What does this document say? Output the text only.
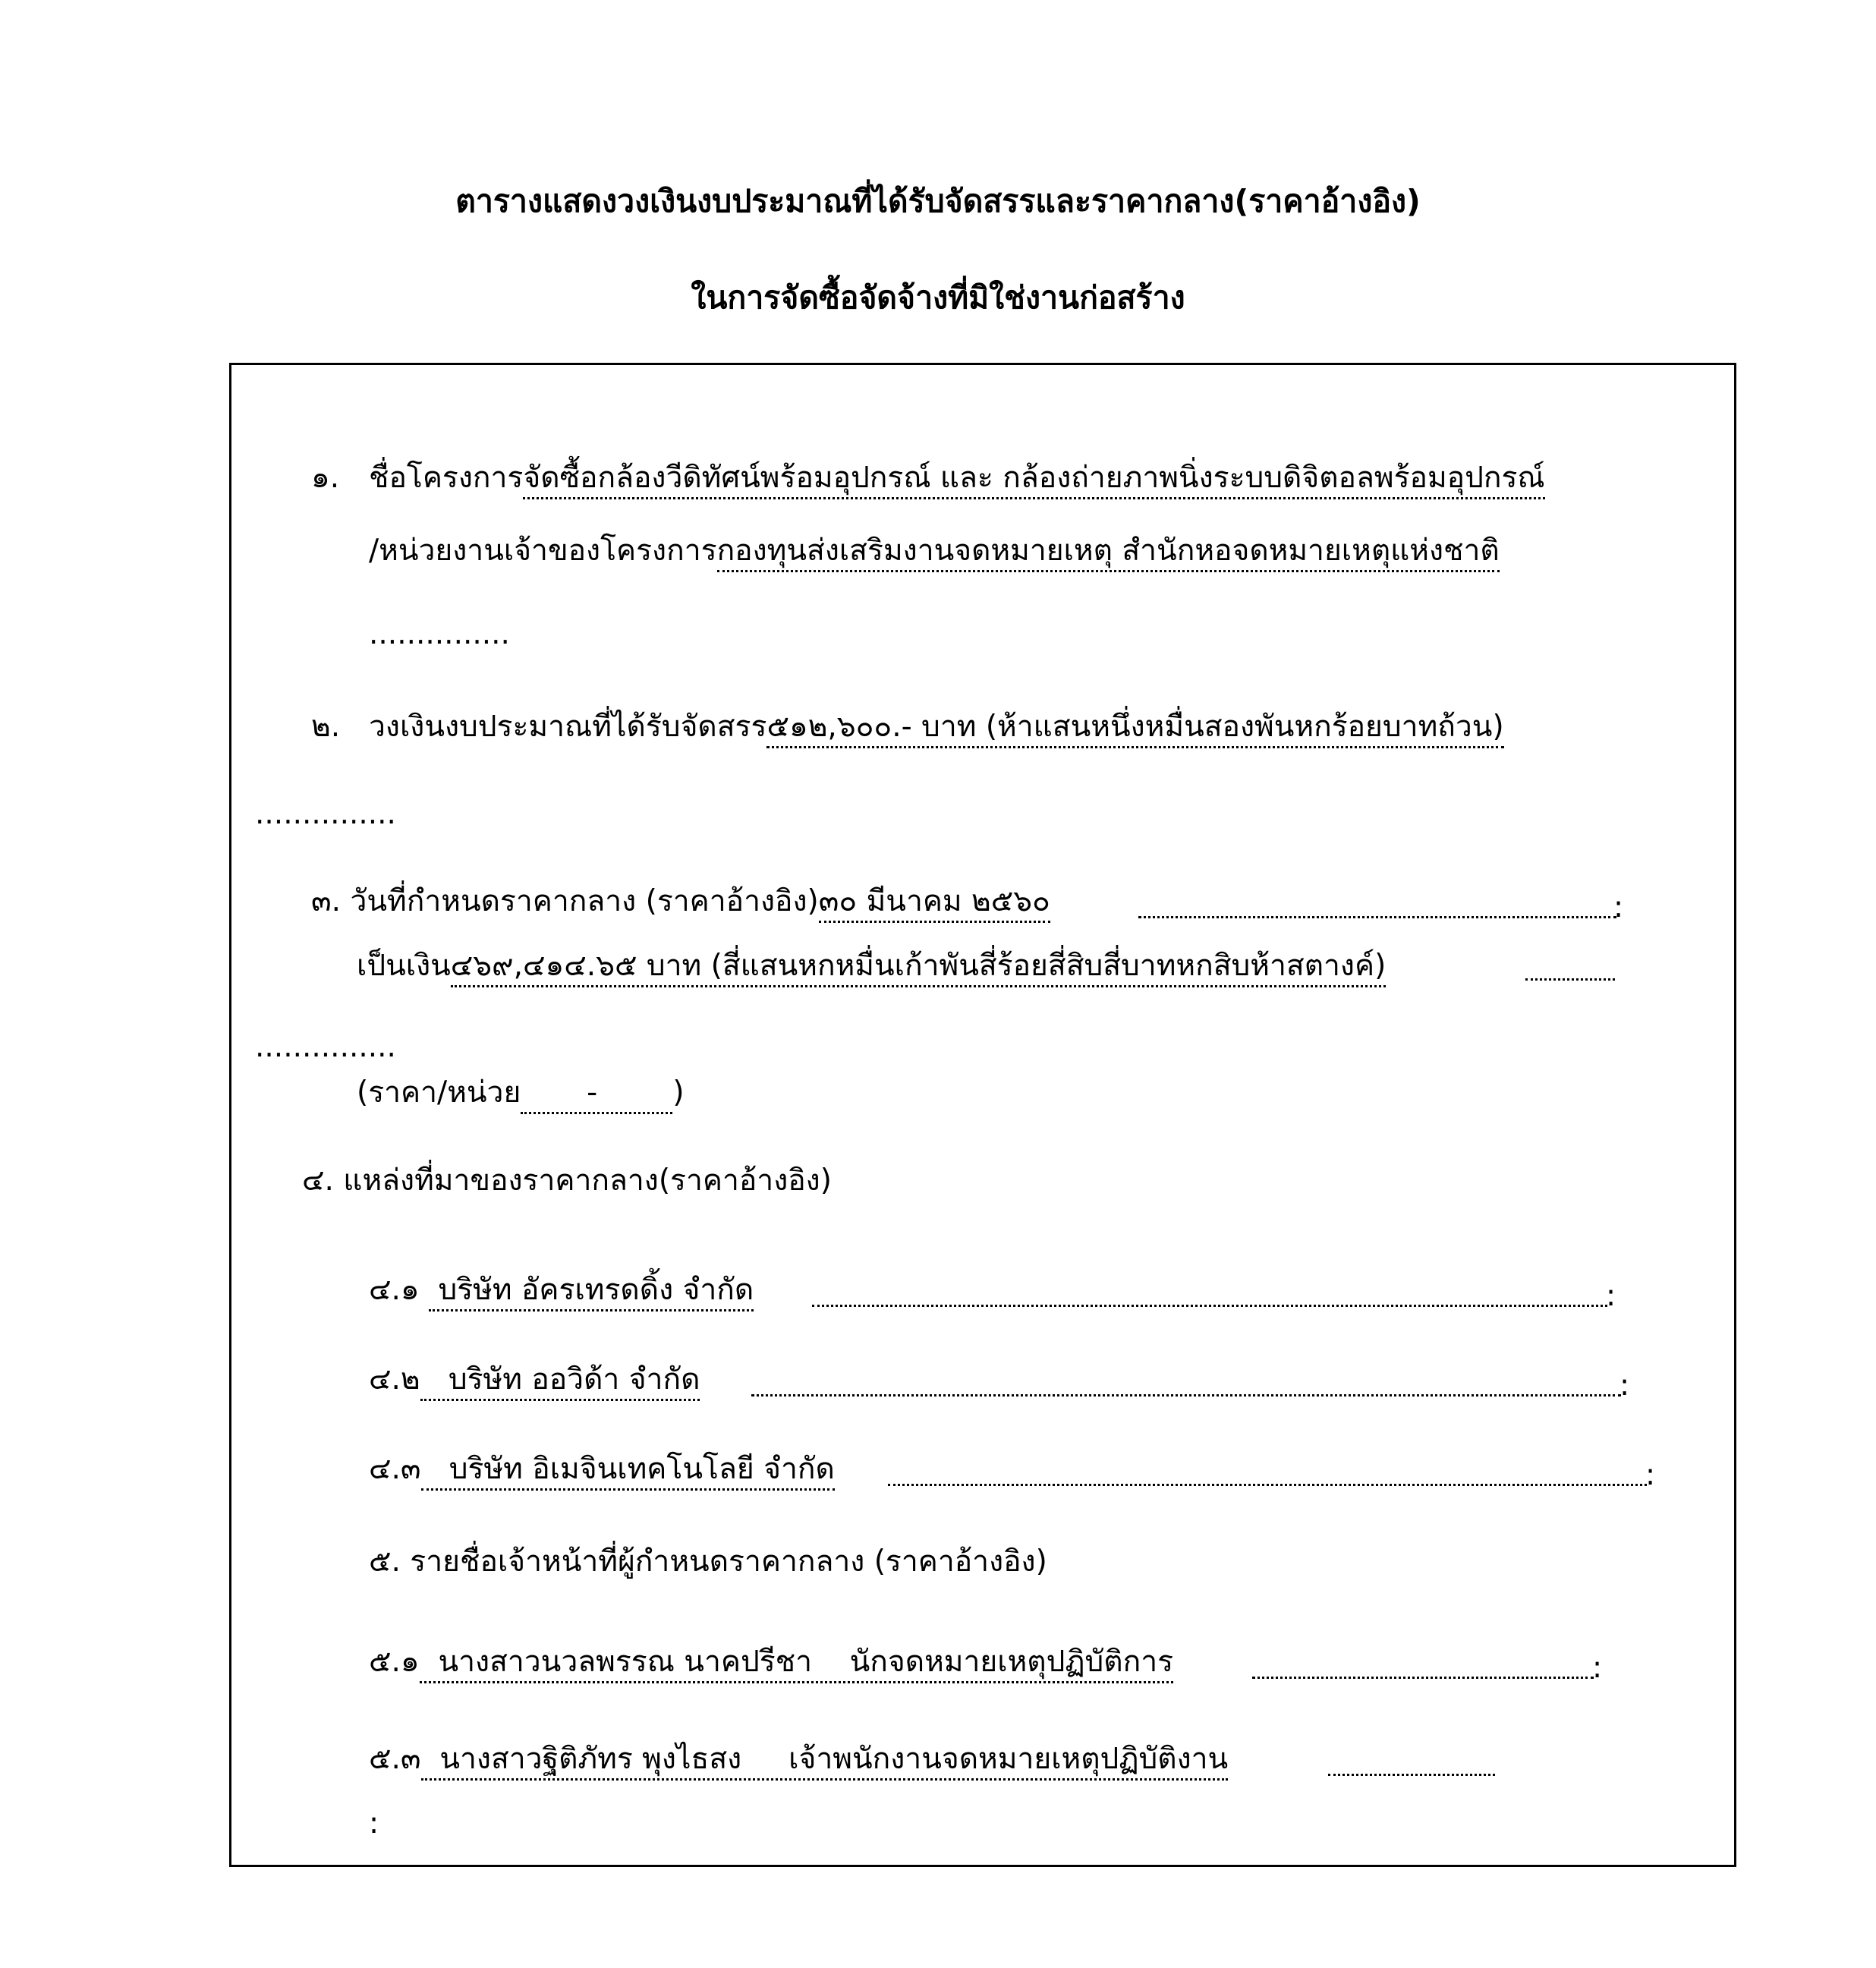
ตารางแสดงวงเงินงบประมาณที่ได้รับจัดสรรและราคากลาง(ราคาอ้างอิง)
ในการจัดซื้อจัดจ้างที่มิใช่งานก่อสร้าง
๑. ชื่อโครงการจัดซื้อกล้องวีดิทัศน์พร้อมอุปกรณ์ และ กล้องถ่ายภาพนิ่งระบบดิจิตอลพร้อมอุปกรณ์
/หน่วยงานเจ้าของโครงการกองทุนส่งเสริมงานจดหมายเหตุ สำนักหอจดหมายเหตุแห่งชาติ
...............
๒. วงเงินงบประมาณที่ได้รับจัดสรร๕๑๒,๖๐๐.- บาท (ห้าแสนหนึ่งหมื่นสองพันหกร้อยบาทถ้วน)
...............
๓. วันที่กำหนดราคากลาง (ราคาอ้างอิง)๓๐ มีนาคม ๒๕๖๐	:
เป็นเงิน๔๖๙,๔๑๔.๖๕ บาท (สี่แสนหกหมื่นเก้าพันสี่ร้อยสี่สิบสี่บาทหกสิบห้าสตางค์)
...............
(ราคา/หน่วย       -        )
๔. แหล่งที่มาของราคากลาง(ราคาอ้างอิง)
๔.๑  บริษัท อัครเทรดดิ้ง จำกัด	:
๔.๒   บริษัท ออวิด้า จำกัด	:
๔.๓   บริษัท อิเมจินเทคโนโลยี จำกัด	:
๕. รายชื่อเจ้าหน้าที่ผู้กำหนดราคากลาง (ราคาอ้างอิง)
๕.๑  นางสาวนวลพรรณ นาคปรีชา    นักจดหมายเหตุปฏิบัติการ	:
๕.๓  นางสาวฐิติภัทร พุงไธสง     เจ้าพนักงานจดหมายเหตุปฏิบัติงาน
:
